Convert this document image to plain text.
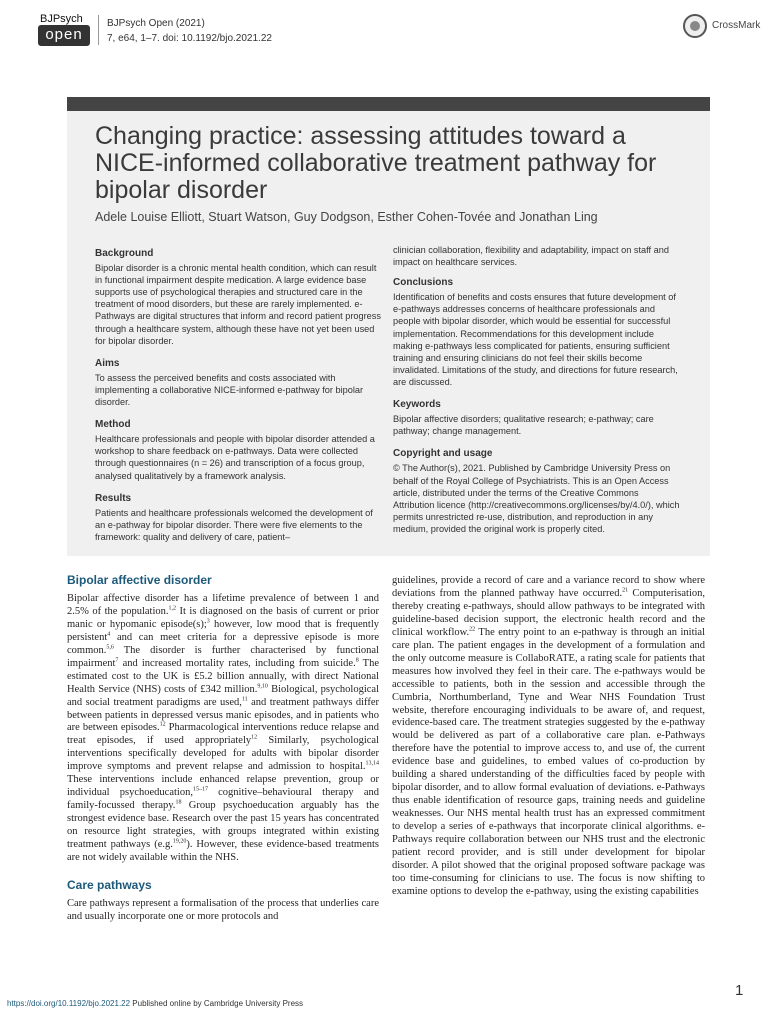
BJPsych
open
BJPsych Open (2021)
7, e64, 1–7. doi: 10.1192/bjo.2021.22
CrossMark
Changing practice: assessing attitudes toward a NICE-informed collaborative treatment pathway for bipolar disorder
Adele Louise Elliott, Stuart Watson, Guy Dodgson, Esther Cohen-Tovée and Jonathan Ling
Background

Bipolar disorder is a chronic mental health condition, which can result in functional impairment despite medication. A large evidence base supports use of psychological therapies and structured care in the treatment of mood disorders, but these are rarely implemented. e-Pathways are digital structures that inform and record patient progress through a healthcare system, although these have not yet been used for bipolar disorder.

Aims

To assess the perceived benefits and costs associated with implementing a collaborative NICE-informed e-pathway for bipolar disorder.

Method

Healthcare professionals and people with bipolar disorder attended a workshop to share feedback on e-pathways. Data were collected through questionnaires (n = 26) and transcription of a focus group, analysed qualitatively by a framework analysis.

Results

Patients and healthcare professionals welcomed the development of an e-pathway for bipolar disorder. There were five elements to the framework: quality and delivery of care, patient–

clinician collaboration, flexibility and adaptability, impact on staff and impact on healthcare services.

Conclusions

Identification of benefits and costs ensures that future development of e-pathways addresses concerns of healthcare professionals and people with bipolar disorder, which would be essential for successful implementation. Recommendations for this development include making e-pathways less complicated for patients, ensuring sufficient training and ensuring clinicians do not feel their skills become invalidated. Limitations of the study, and directions for future research, are discussed.

Keywords

Bipolar affective disorders; qualitative research; e-pathway; care pathway; change management.

Copyright and usage

© The Author(s), 2021. Published by Cambridge University Press on behalf of the Royal College of Psychiatrists. This is an Open Access article, distributed under the terms of the Creative Commons Attribution licence (http://creativecommons.org/licenses/by/4.0/), which permits unrestricted re-use, distribution, and reproduction in any medium, provided the original work is properly cited.

Bipolar affective disorder

Bipolar affective disorder has a lifetime prevalence of between 1 and 2.5% of the population.$^{1,2}$ It is diagnosed on the basis of current or prior manic or hypomanic episode(s);$^3$ however, low mood that is frequently persistent$^4$ and can meet criteria for a depressive episode is more common.$^{5,6}$ The disorder is further characterised by functional impairment$^7$ and increased mortality rates, including from suicide.$^8$ The estimated cost to the UK is £5.2 billion annually, with direct National Health Service (NHS) costs of £342 million.$^{9,10}$ Biological, psychological and social treatment paradigms are used,$^{11}$ and treatment pathways differ between patients in depressed versus manic episodes, and in patients who are between episodes.$^{12}$ Pharmacological interventions reduce relapse and treat episodes, if used appropriately$^{12}$ Similarly, psychological interventions specifically developed for adults with bipolar disorder improve symptoms and prevent relapse and admission to hospital.$^{13,14}$ These interventions include enhanced relapse prevention, group or individual psychoeducation,$^{15-17}$ cognitive–behavioural therapy and family-focussed therapy.$^{18}$ Group psychoeducation arguably has the strongest evidence base. Research over the past 15 years has concentrated on resource light strategies, with groups integrated within existing treatment pathways (e.g.$^{19,20}$). However, these evidence-based treatments are not widely available within the NHS.

Care pathways

Care pathways represent a formalisation of the process that underlies care and usually incorporate one or more protocols and

guidelines, provide a record of care and a variance record to show where deviations from the planned pathway have occurred.$^{21}$ Computerisation, thereby creating e-pathways, should allow pathways to be integrated with guideline-based decision support, the electronic health record and the clinical workflow.$^{22}$ The entry point to an e-pathway is through an initial care plan. The patient engages in the development of a formulation and the only outcome measure is CollaboRATE, a rating scale for patients that measures how involved they feel in their care. The e-pathways would be accessible to patients, both in the session and accessible through the Cumbria, Northumberland, Tyne and Wear NHS Foundation Trust website, therefore encouraging individuals to be aware of, and request, evidence-based care. The treatment strategies suggested by the e-pathway would be delivered as part of a collaborative care plan. e-Pathways therefore have the potential to improve access to, and use of, the current evidence base and guidelines, to embed values of co-production by building a shared understanding of the difficulties faced by people with bipolar disorder, and to allow formal evaluation of deviations. e-Pathways thus enable identification of resource gaps, training needs and guideline weaknesses. Our NHS mental health trust has an expressed commitment to develop a series of e-pathways that incorporate clinical algorithms. e-Pathways require collaboration between our NHS trust and the electronic patient record provider, and is still under development for bipolar disorder. A pilot showed that the original proposed software package was too time-consuming for clinicians to use. The focus is now shifting to examine options to develop the e-pathway, using the existing capabilities

https://doi.org/10.1192/bjo.2021.22 Published online by Cambridge University Press
1
